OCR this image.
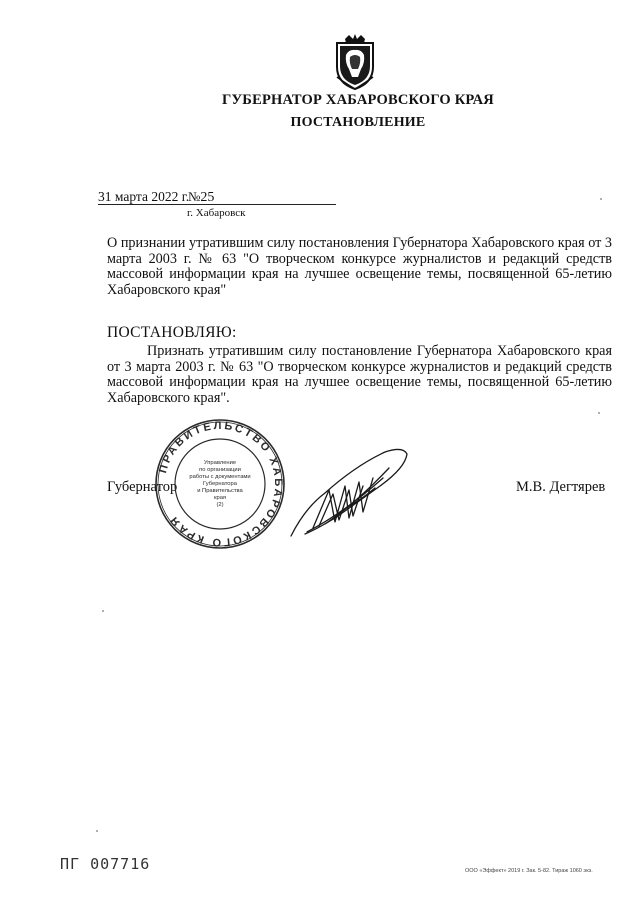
ГУБЕРНАТОР ХАБАРОВСКОГО КРАЯ
ПОСТАНОВЛЕНИЕ
31 марта 2022 г.
№25
г. Хабаровск
О признании утратившим силу постановления Губернатора Хабаровского края от 3 марта 2003 г. № 63 "О творческом конкурсе журналистов и редакций средств массовой информации края на лучшее освещение темы, посвященной 65-летию Хабаровского края"
ПОСТАНОВЛЯЮ:
Признать утратившим силу постановление Губернатора Хабаровского края от 3 марта 2003 г. № 63 "О творческом конкурсе журналистов и редакций средств массовой информации края на лучшее освещение темы, посвященной 65-летию Хабаровского края".
Губернатор	М.В. Дегтярев
ПРАВИТЕЛЬСТВО ХАБАРОВСКОГО КРАЯ
Управление
по организации
работы с документами
Губернатора
и Правительства
края
(2)
ПГ 007716	ООО «Эффект» 2019 г. Зак. 5-82. Тираж 1060 экз.
